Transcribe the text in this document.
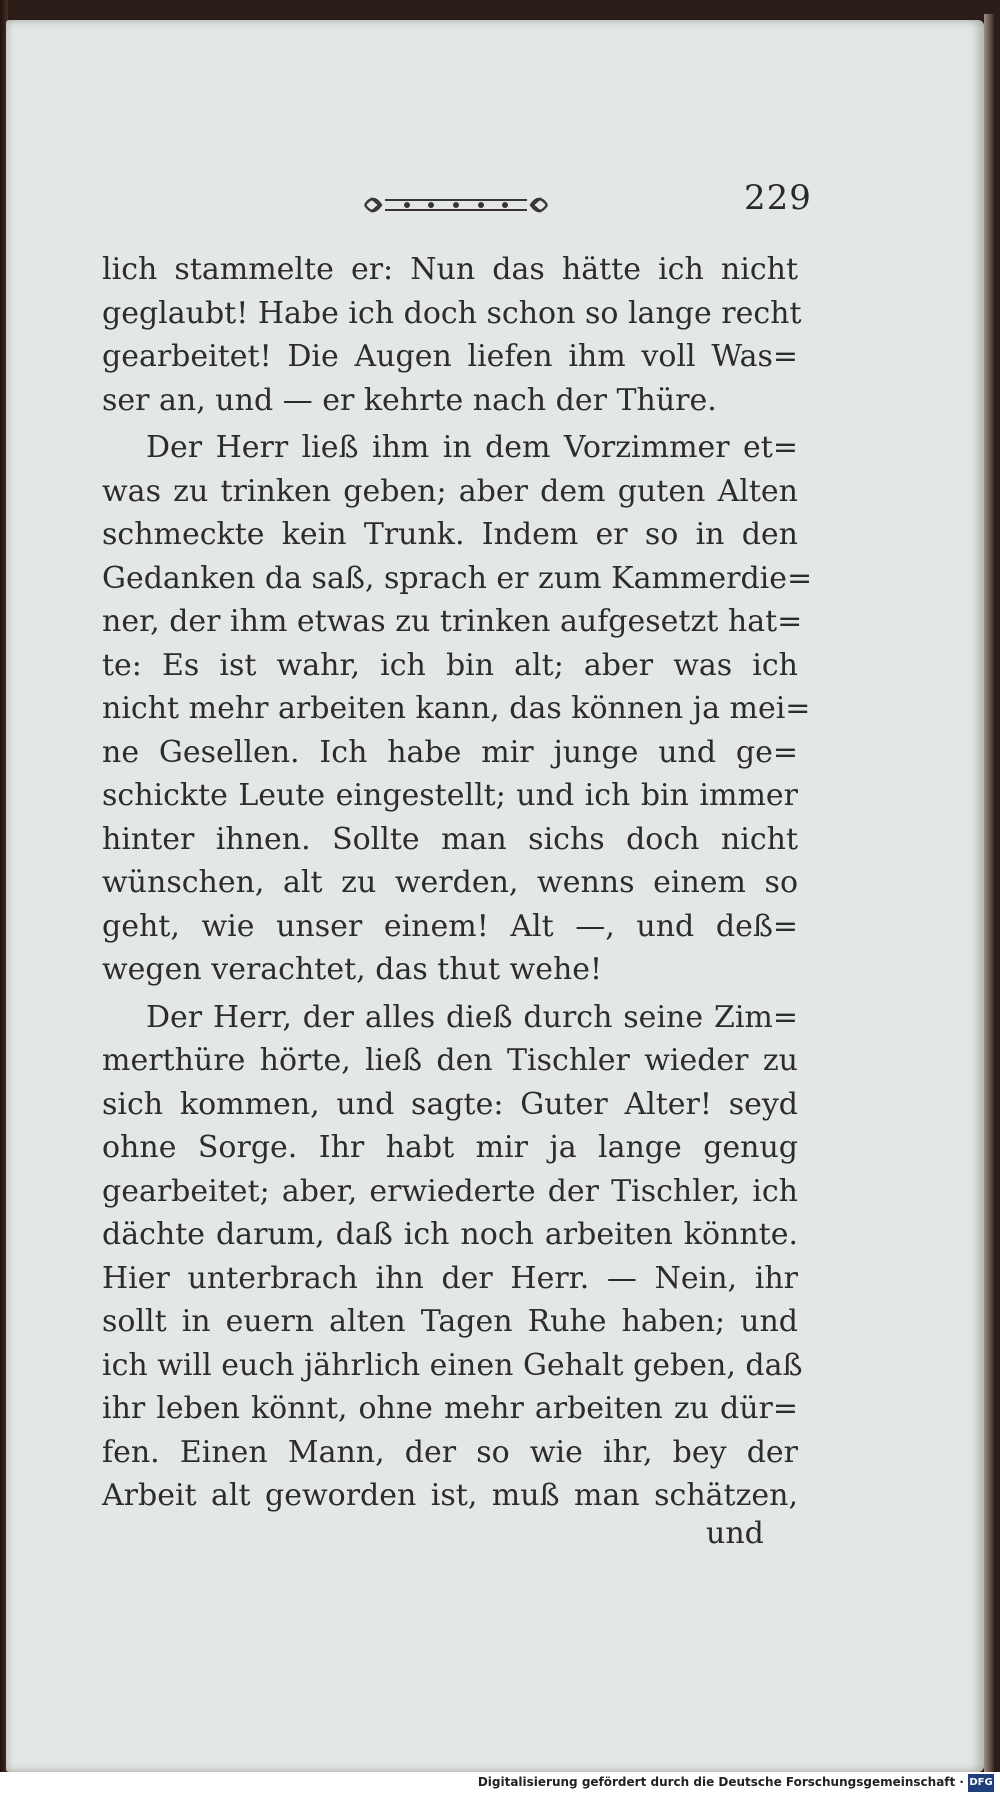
229
lich stammelte er: Nun das hätte ich nicht
geglaubt! Habe ich doch schon so lange recht
gearbeitet! Die Augen liefen ihm voll Was=
ser an, und — er kehrte nach der Thüre.
Der Herr ließ ihm in dem Vorzimmer et=
was zu trinken geben; aber dem guten Alten
schmeckte kein Trunk. Indem er so in den
Gedanken da saß, sprach er zum Kammerdie=
ner, der ihm etwas zu trinken aufgesetzt hat=
te: Es ist wahr, ich bin alt; aber was ich
nicht mehr arbeiten kann, das können ja mei=
ne Gesellen. Ich habe mir junge und ge=
schickte Leute eingestellt; und ich bin immer
hinter ihnen. Sollte man sichs doch nicht
wünschen, alt zu werden, wenns einem so
geht, wie unser einem! Alt —, und deß=
wegen verachtet, das thut wehe!
Der Herr, der alles dieß durch seine Zim=
merthüre hörte, ließ den Tischler wieder zu
sich kommen, und sagte: Guter Alter! seyd
ohne Sorge. Ihr habt mir ja lange genug
gearbeitet; aber, erwiederte der Tischler, ich
dächte darum, daß ich noch arbeiten könnte.
Hier unterbrach ihn der Herr. — Nein, ihr
sollt in euern alten Tagen Ruhe haben; und
ich will euch jährlich einen Gehalt geben, daß
ihr leben könnt, ohne mehr arbeiten zu dür=
fen. Einen Mann, der so wie ihr, bey der
Arbeit alt geworden ist, muß man schätzen,
und
Digitalisierung gefördert durch die Deutsche Forschungsgemeinschaft · DFG
